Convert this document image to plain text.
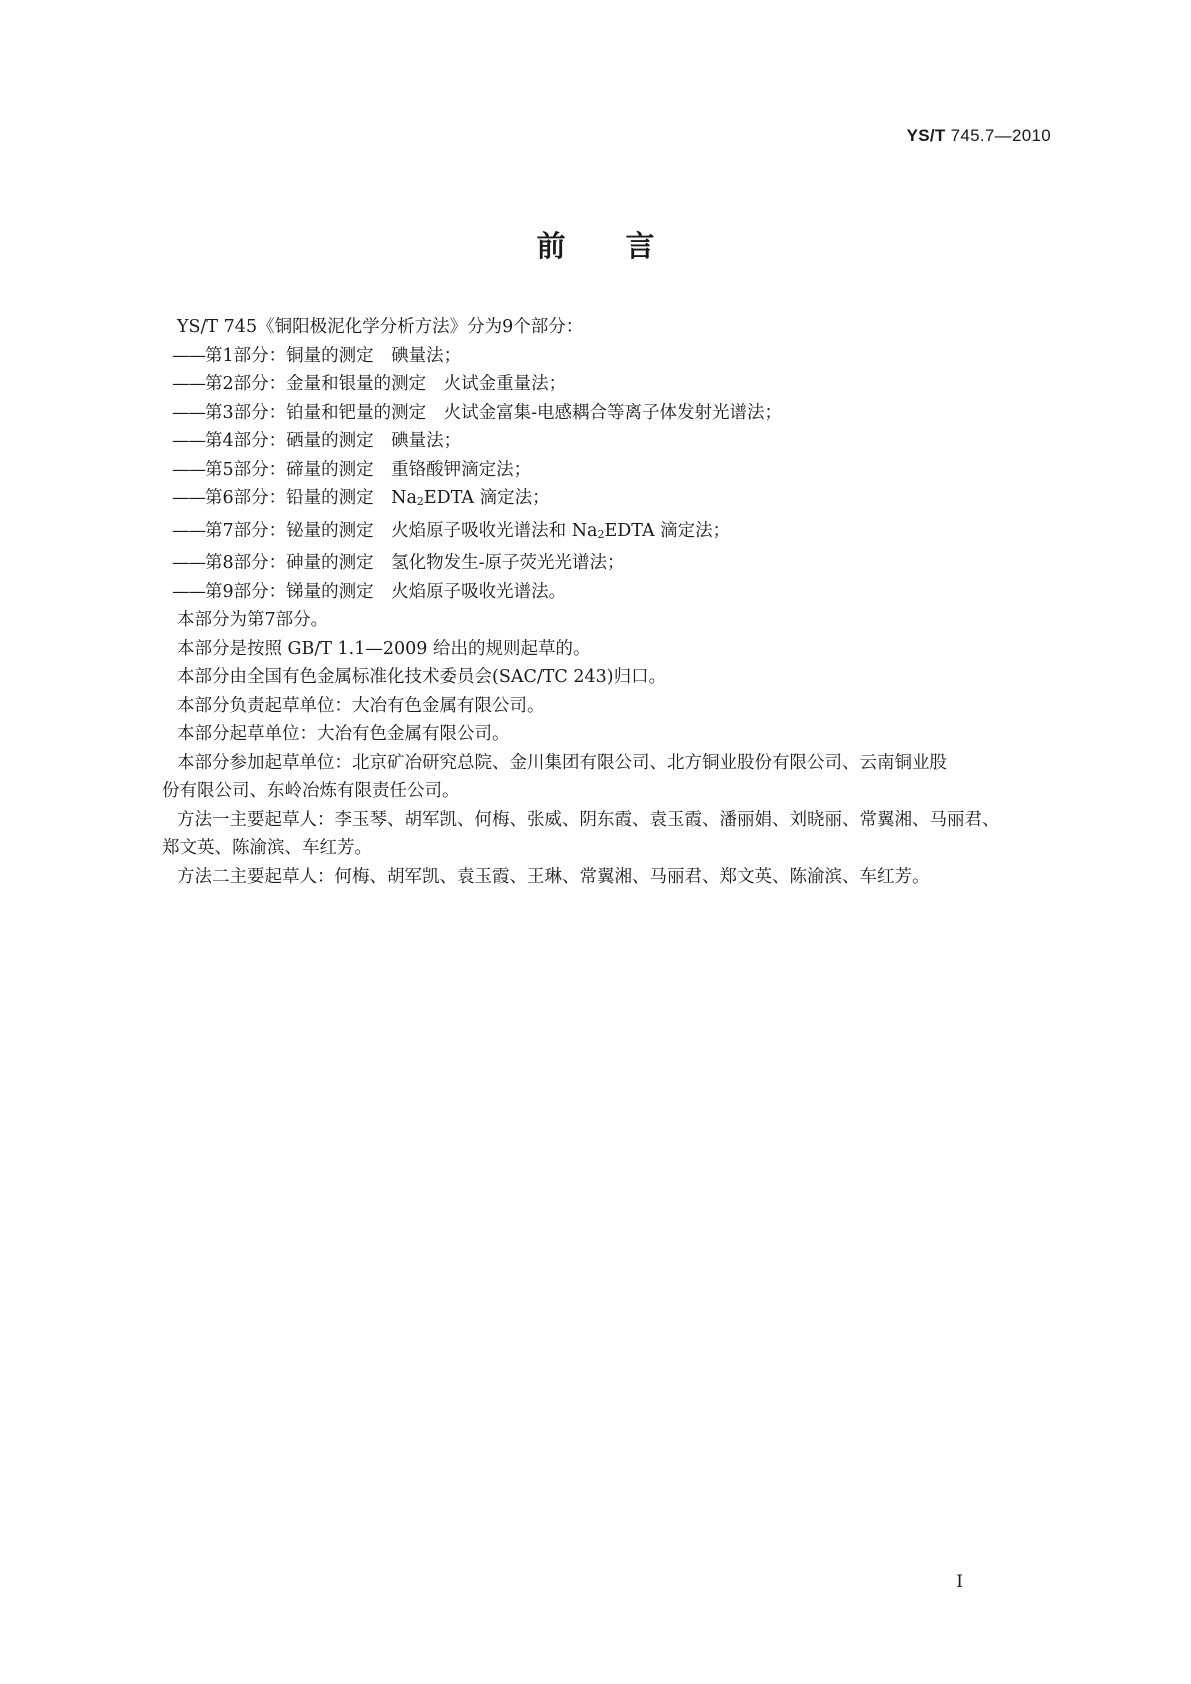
YS/T 745.7—2010
前言
YS/T 745《铜阳极泥化学分析方法》分为9个部分：
——第1部分：铜量的测定　碘量法；
——第2部分：金量和银量的测定　火试金重量法；
——第3部分：铂量和钯量的测定　火试金富集-电感耦合等离子体发射光谱法；
——第4部分：硒量的测定　碘量法；
——第5部分：碲量的测定　重铬酸钾滴定法；
——第6部分：铅量的测定　$Na_2EDTA$ 滴定法；
——第7部分：铋量的测定　火焰原子吸收光谱法和 $Na_2EDTA$ 滴定法；
——第8部分：砷量的测定　氢化物发生-原子荧光光谱法；
——第9部分：锑量的测定　火焰原子吸收光谱法。
本部分为第7部分。
本部分是按照 GB/T 1.1—2009 给出的规则起草的。
本部分由全国有色金属标准化技术委员会(SAC/TC 243)归口。
本部分负责起草单位：大冶有色金属有限公司。
本部分起草单位：大冶有色金属有限公司。
本部分参加起草单位：北京矿冶研究总院、金川集团有限公司、北方铜业股份有限公司、云南铜业股
份有限公司、东岭冶炼有限责任公司。
方法一主要起草人：李玉琴、胡军凯、何梅、张威、阴东霞、袁玉霞、潘丽娟、刘晓丽、常翼湘、马丽君、
郑文英、陈渝滨、车红芳。
方法二主要起草人：何梅、胡军凯、袁玉霞、王琳、常翼湘、马丽君、郑文英、陈渝滨、车红芳。
I
